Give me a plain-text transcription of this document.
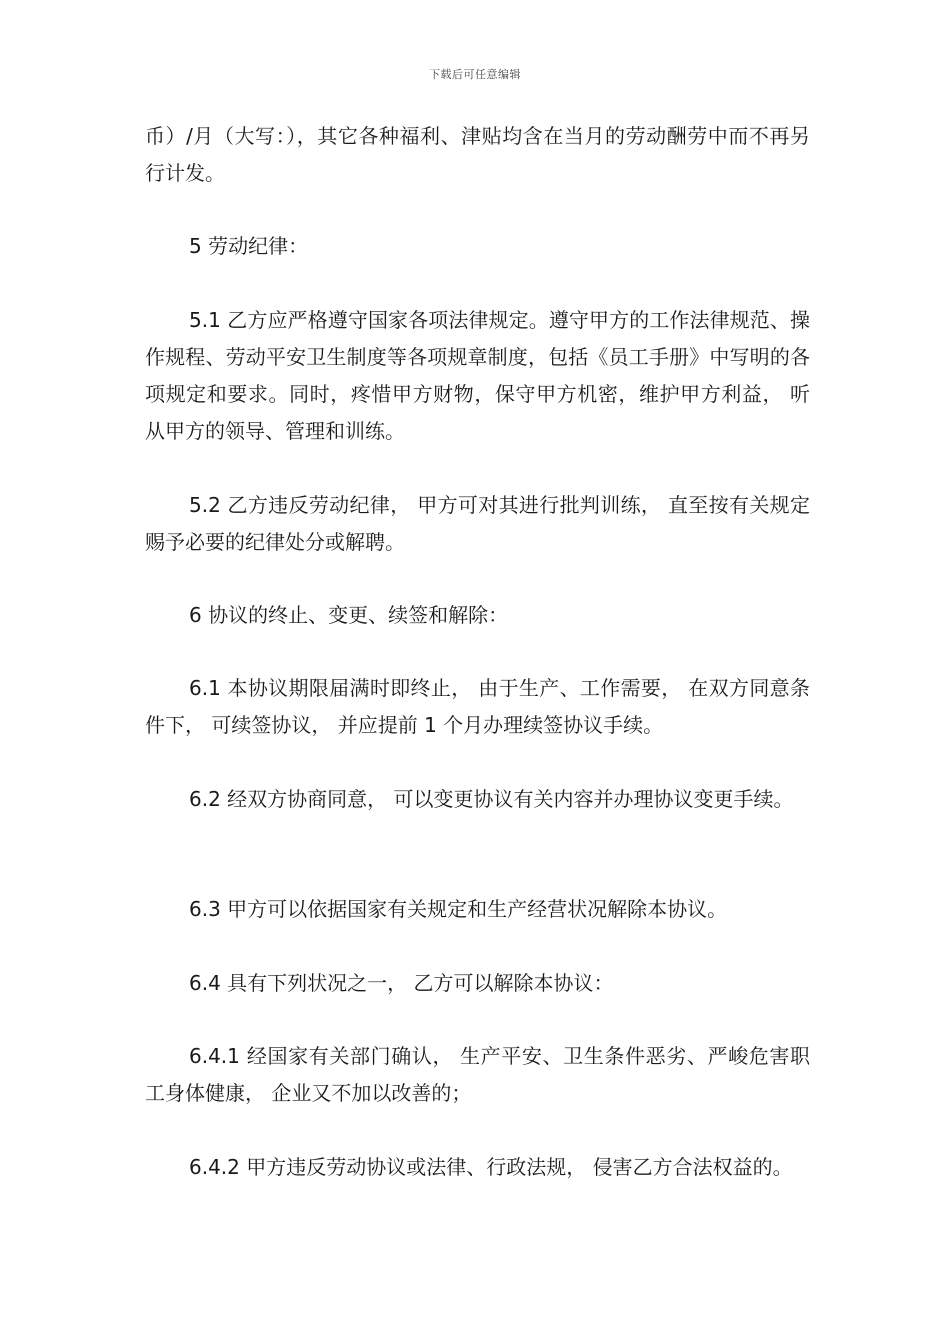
下载后可任意编辑

币）/月（大写：），其它各种福利、津贴均含在当月的劳动酬劳中而不再另行计发。

5 劳动纪律：

5.1 乙方应严格遵守国家各项法律规定。遵守甲方的工作法律规范、操作规程、劳动平安卫生制度等各项规章制度，包括《员工手册》中写明的各项规定和要求。同时，疼惜甲方财物，保守甲方机密，维护甲方利益， 听从甲方的领导、管理和训练。

5.2 乙方违反劳动纪律， 甲方可对其进行批判训练， 直至按有关规定赐予必要的纪律处分或解聘。

6 协议的终止、变更、续签和解除：

6.1 本协议期限届满时即终止， 由于生产、工作需要， 在双方同意条件下， 可续签协议， 并应提前 1 个月办理续签协议手续。

6.2 经双方协商同意， 可以变更协议有关内容并办理协议变更手续。

6.3 甲方可以依据国家有关规定和生产经营状况解除本协议。

6.4 具有下列状况之一， 乙方可以解除本协议：

6.4.1 经国家有关部门确认， 生产平安、卫生条件恶劣、严峻危害职工身体健康， 企业又不加以改善的；

6.4.2 甲方违反劳动协议或法律、行政法规， 侵害乙方合法权益的。
